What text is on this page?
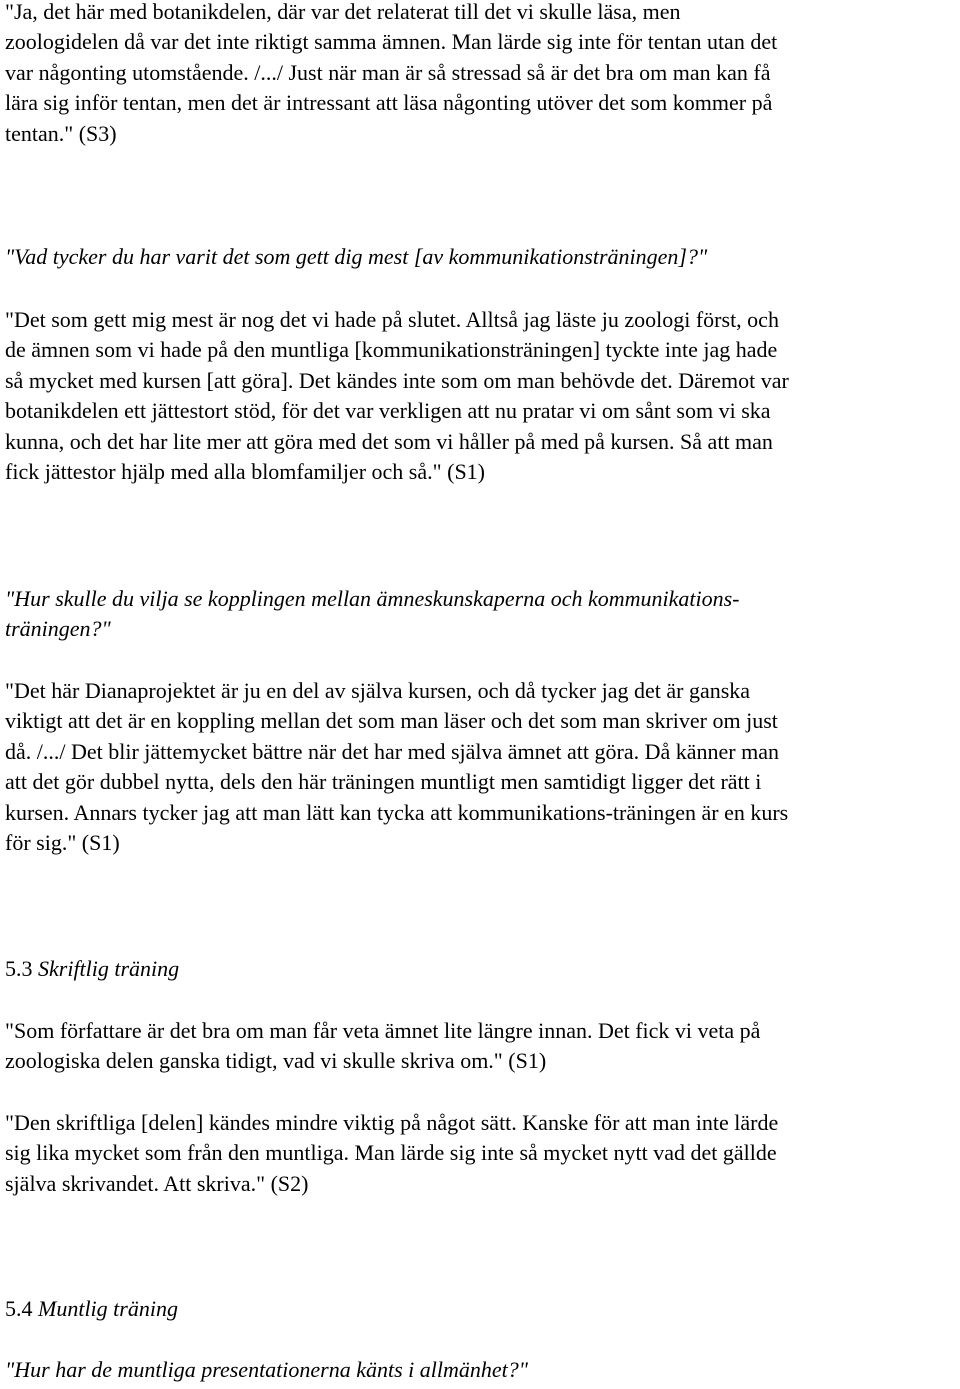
"Ja, det här med botanikdelen, där var det relaterat till det vi skulle läsa, men
zoologidelen då var det inte riktigt samma ämnen. Man lärde sig inte för tentan utan det
var någonting utomstående. /.../ Just när man är så stressad så är det bra om man kan få
lära sig inför tentan, men det är intressant att läsa någonting utöver det som kommer på
tentan." (S3)

"Vad tycker du har varit det som gett dig mest [av kommunikationsträningen]?"

"Det som gett mig mest är nog det vi hade på slutet. Alltså jag läste ju zoologi först, och
de ämnen som vi hade på den muntliga [kommunikationsträningen] tyckte inte jag hade
så mycket med kursen [att göra]. Det kändes inte som om man behövde det. Däremot var
botanikdelen ett jättestort stöd, för det var verkligen att nu pratar vi om sånt som vi ska
kunna, och det har lite mer att göra med det som vi håller på med på kursen. Så att man
fick jättestor hjälp med alla blomfamiljer och så." (S1)

"Hur skulle du vilja se kopplingen mellan ämneskunskaperna och kommunikations-
träningen?"

"Det här Dianaprojektet är ju en del av själva kursen, och då tycker jag det är ganska
viktigt att det är en koppling mellan det som man läser och det som man skriver om just
då. /.../ Det blir jättemycket bättre när det har med själva ämnet att göra. Då känner man
att det gör dubbel nytta, dels den här träningen muntligt men samtidigt ligger det rätt i
kursen. Annars tycker jag att man lätt kan tycka att kommunikations-träningen är en kurs
för sig." (S1)

5.3 Skriftlig träning

"Som författare är det bra om man får veta ämnet lite längre innan. Det fick vi veta på
zoologiska delen ganska tidigt, vad vi skulle skriva om." (S1)

"Den skriftliga [delen] kändes mindre viktig på något sätt. Kanske för att man inte lärde
sig lika mycket som från den muntliga. Man lärde sig inte så mycket nytt vad det gällde
själva skrivandet. Att skriva." (S2)

5.4 Muntlig träning

"Hur har de muntliga presentationerna känts i allmänhet?"
